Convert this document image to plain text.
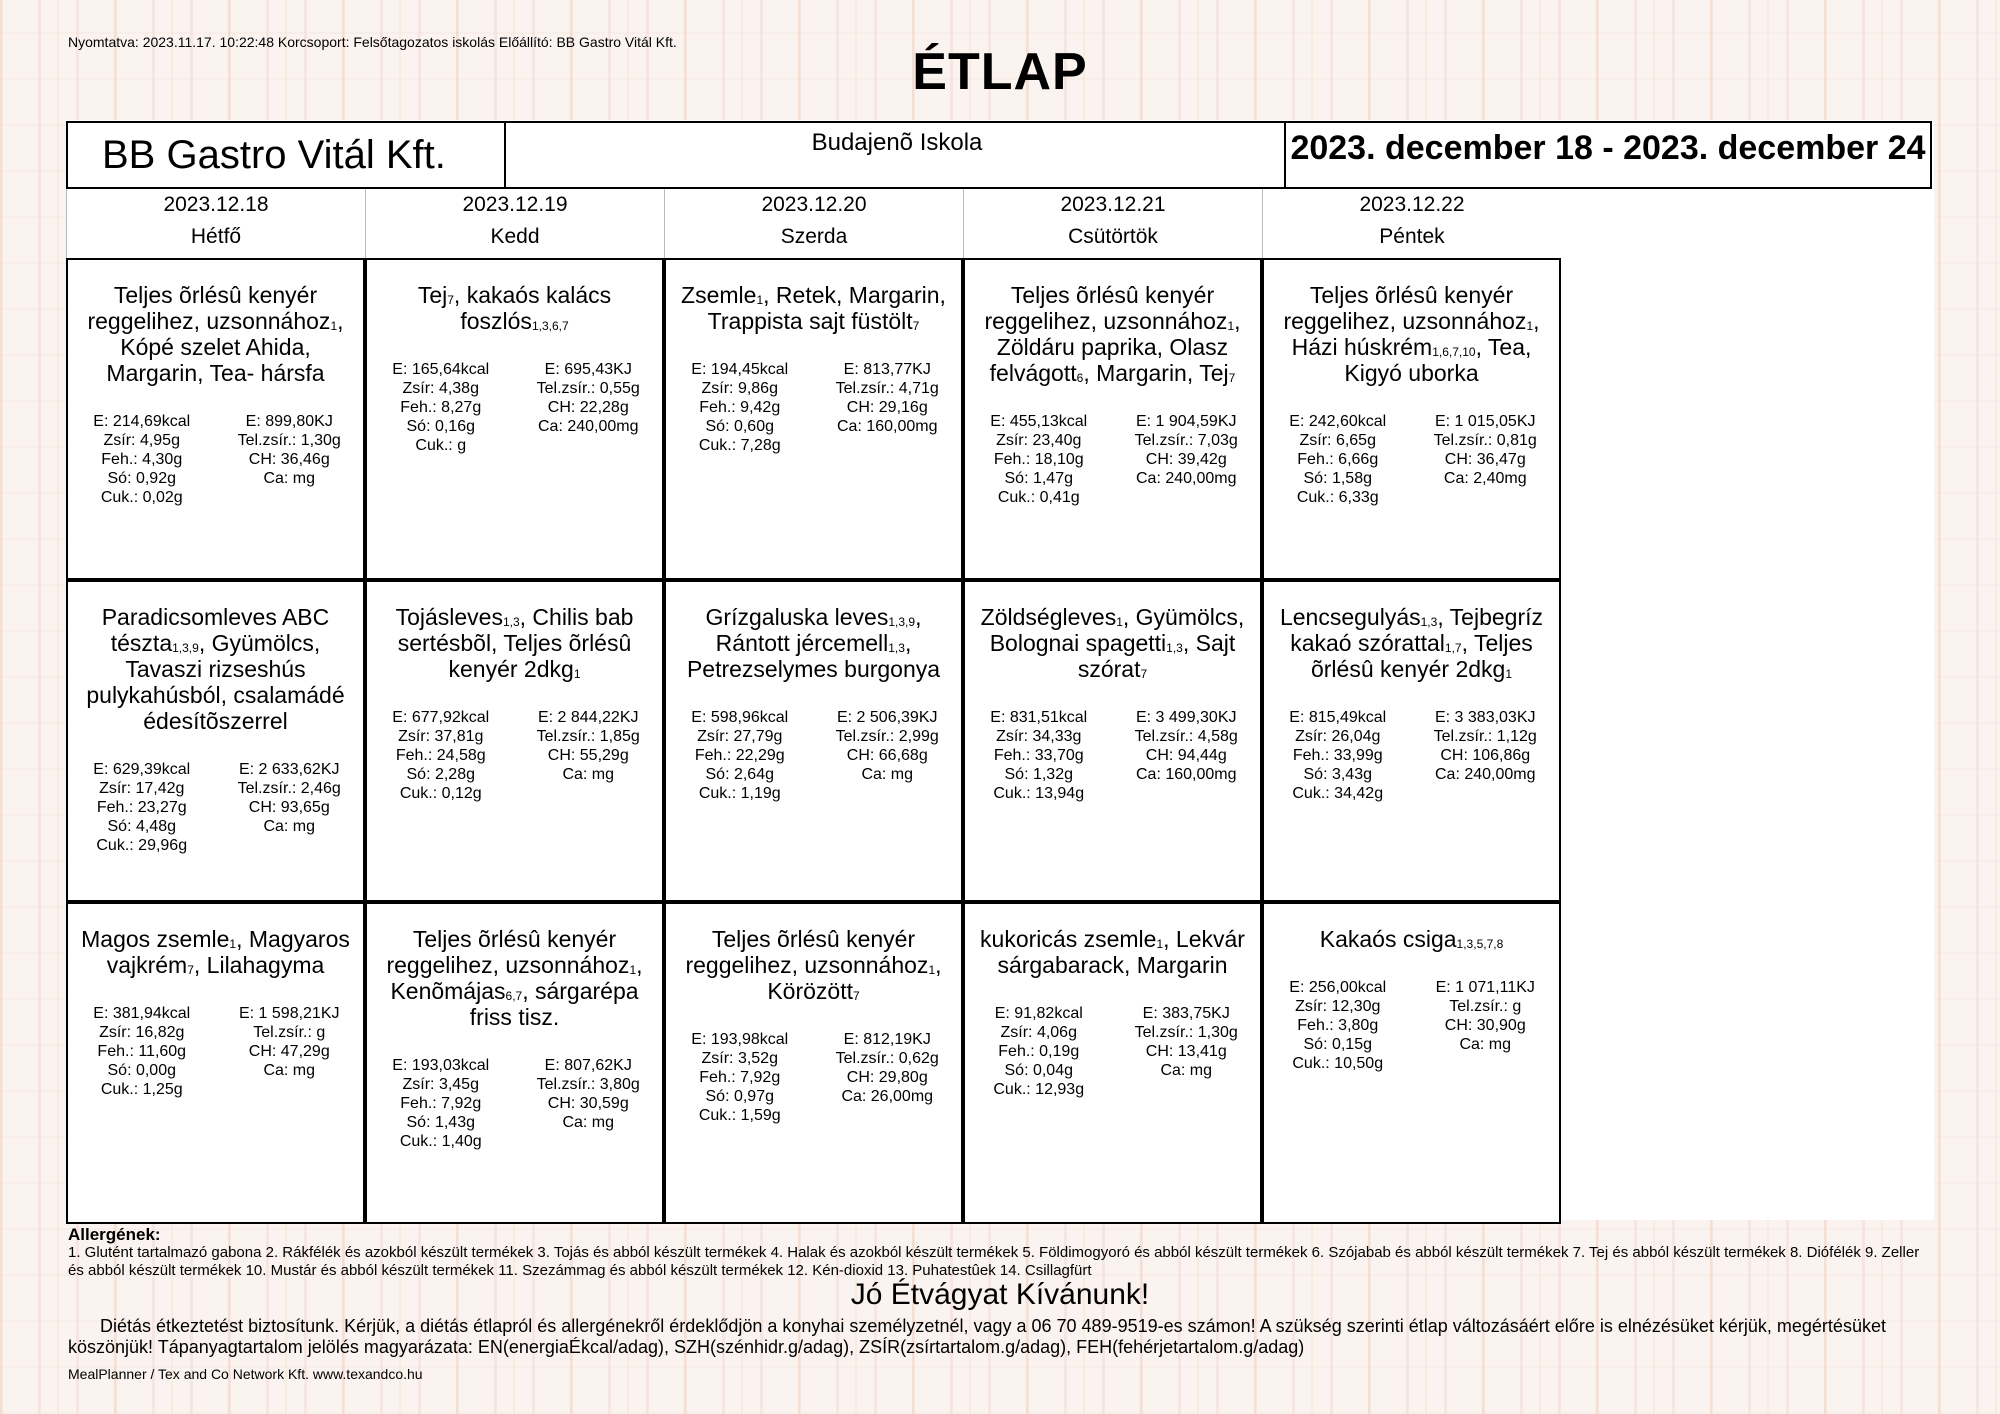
Nyomtatva: 2023.11.17. 10:22:48 Korcsoport: Felsőtagozatos iskolás Előállító: BB Gastro Vitál Kft.
ÉTLAP
BB Gastro Vitál Kft.	Budajenõ Iskola	2023. december 18 - 2023. december 24
2023.12.18
Hétfő
2023.12.19
Kedd
2023.12.20
Szerda
2023.12.21
Csütörtök
2023.12.22
Péntek
Teljes õrlésû kenyér reggelihez, uzsonnához$_1$, Kópé szelet Ahida, Margarin, Tea- hársfa
E: 214,69kcal
Zsír: 4,95g
Feh.: 4,30g
Só: 0,92g
Cuk.: 0,02g
E: 899,80KJ
Tel.zsír.: 1,30g
CH: 36,46g
Ca: mg
Tej$_7$, kakaós kalács foszlós$_{1,3,6,7}$
E: 165,64kcal
Zsír: 4,38g
Feh.: 8,27g
Só: 0,16g
Cuk.: g
E: 695,43KJ
Tel.zsír.: 0,55g
CH: 22,28g
Ca: 240,00mg
Zsemle$_1$, Retek, Margarin, Trappista sajt füstölt$_7$
E: 194,45kcal
Zsír: 9,86g
Feh.: 9,42g
Só: 0,60g
Cuk.: 7,28g
E: 813,77KJ
Tel.zsír.: 4,71g
CH: 29,16g
Ca: 160,00mg
Teljes õrlésû kenyér reggelihez, uzsonnához$_1$, Zöldáru paprika, Olasz felvágott$_6$, Margarin, Tej$_7$
E: 455,13kcal
Zsír: 23,40g
Feh.: 18,10g
Só: 1,47g
Cuk.: 0,41g
E: 1 904,59KJ
Tel.zsír.: 7,03g
CH: 39,42g
Ca: 240,00mg
Teljes õrlésû kenyér reggelihez, uzsonnához$_1$, Házi húskrém$_{1,6,7,10}$, Tea, Kigyó uborka
E: 242,60kcal
Zsír: 6,65g
Feh.: 6,66g
Só: 1,58g
Cuk.: 6,33g
E: 1 015,05KJ
Tel.zsír.: 0,81g
CH: 36,47g
Ca: 2,40mg
Paradicsomleves ABC tészta$_{1,3,9}$, Gyümölcs, Tavaszi rizseshús pulykahúsból, csalamádé édesítõszerrel
E: 629,39kcal
Zsír: 17,42g
Feh.: 23,27g
Só: 4,48g
Cuk.: 29,96g
E: 2 633,62KJ
Tel.zsír.: 2,46g
CH: 93,65g
Ca: mg
Tojásleves$_{1,3}$, Chilis bab sertésbõl, Teljes õrlésû kenyér 2dkg$_1$
E: 677,92kcal
Zsír: 37,81g
Feh.: 24,58g
Só: 2,28g
Cuk.: 0,12g
E: 2 844,22KJ
Tel.zsír.: 1,85g
CH: 55,29g
Ca: mg
Grízgaluska leves$_{1,3,9}$, Rántott jércemell$_{1,3}$, Petrezselymes burgonya
E: 598,96kcal
Zsír: 27,79g
Feh.: 22,29g
Só: 2,64g
Cuk.: 1,19g
E: 2 506,39KJ
Tel.zsír.: 2,99g
CH: 66,68g
Ca: mg
Zöldségleves$_1$, Gyümölcs, Bolognai spagetti$_{1,3}$, Sajt szórat$_7$
E: 831,51kcal
Zsír: 34,33g
Feh.: 33,70g
Só: 1,32g
Cuk.: 13,94g
E: 3 499,30KJ
Tel.zsír.: 4,58g
CH: 94,44g
Ca: 160,00mg
Lencsegulyás$_{1,3}$, Tejbegríz kakaó szórattal$_{1,7}$, Teljes õrlésû kenyér 2dkg$_1$
E: 815,49kcal
Zsír: 26,04g
Feh.: 33,99g
Só: 3,43g
Cuk.: 34,42g
E: 3 383,03KJ
Tel.zsír.: 1,12g
CH: 106,86g
Ca: 240,00mg
Magos zsemle$_1$, Magyaros vajkrém$_7$, Lilahagyma
E: 381,94kcal
Zsír: 16,82g
Feh.: 11,60g
Só: 0,00g
Cuk.: 1,25g
E: 1 598,21KJ
Tel.zsír.: g
CH: 47,29g
Ca: mg
Teljes õrlésû kenyér reggelihez, uzsonnához$_1$, Kenõmájas$_{6,7}$, sárgarépa friss tisz.
E: 193,03kcal
Zsír: 3,45g
Feh.: 7,92g
Só: 1,43g
Cuk.: 1,40g
E: 807,62KJ
Tel.zsír.: 3,80g
CH: 30,59g
Ca: mg
Teljes õrlésû kenyér reggelihez, uzsonnához$_1$, Körözött$_7$
E: 193,98kcal
Zsír: 3,52g
Feh.: 7,92g
Só: 0,97g
Cuk.: 1,59g
E: 812,19KJ
Tel.zsír.: 0,62g
CH: 29,80g
Ca: 26,00mg
kukoricás zsemle$_1$, Lekvár sárgabarack, Margarin
E: 91,82kcal
Zsír: 4,06g
Feh.: 0,19g
Só: 0,04g
Cuk.: 12,93g
E: 383,75KJ
Tel.zsír.: 1,30g
CH: 13,41g
Ca: mg
Kakaós csiga$_{1,3,5,7,8}$
E: 256,00kcal
Zsír: 12,30g
Feh.: 3,80g
Só: 0,15g
Cuk.: 10,50g
E: 1 071,11KJ
Tel.zsír.: g
CH: 30,90g
Ca: mg
Allergének:
1. Glutént tartalmazó gabona 2. Rákfélék és azokból készült termékek 3. Tojás és abból készült termékek 4. Halak és azokból készült termékek 5. Földimogyoró és abból készült termékek 6. Szójabab és abból készült termékek 7. Tej és abból készült termékek 8. Diófélék 9. Zeller és abból készült termékek 10. Mustár és abból készült termékek 11. Szezámmag és abból készült termékek 12. Kén-dioxid 13. Puhatestûek 14. Csillagfürt
Jó Étvágyat Kívánunk!
Diétás étkeztetést biztosítunk. Kérjük, a diétás étlapról és allergénekről érdeklődjön a konyhai személyzetnél, vagy a 06 70 489-9519-es számon! A szükség szerinti étlap változásáért előre is elnézésüket kérjük, megértésüket köszönjük! Tápanyagtartalom jelölés magyarázata: EN(energiaÉkcal/adag), SZH(szénhidr.g/adag), ZSÍR(zsírtartalom.g/adag), FEH(fehérjetartalom.g/adag)
MealPlanner / Tex and Co Network Kft. www.texandco.hu
